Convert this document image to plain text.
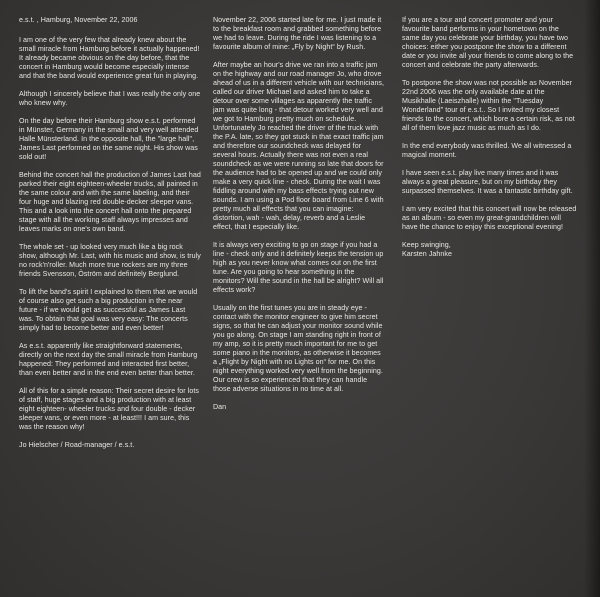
e.s.t. , Hamburg, November 22, 2006

I am one of the very few that already knew about the small miracle from Hamburg before it actually happened! It already became obvious on the day before, that the concert in Hamburg would become especially intense and that the band would experience great fun in playing.

Although I sincerely believe that I was really the only one who knew why.

On the day before their Hamburg show e.s.t. performed in Münster, Germany in the small and very well attended Halle Münsterland. In the opposite hall, the "large hall", James Last performed on the same night. His show was sold out!

Behind the concert hall the production of James Last had parked their eight eighteen-wheeler trucks, all painted in the same colour and with the same labeling, and their four huge and blazing red double-decker sleeper vans. This and a look into the concert hall onto the prepared stage with all the working staff always impresses and leaves marks on one's own band.

The whole set - up looked very much like a big rock show, although Mr. Last, with his music and show, is truly no rock'n'roller. Much more true rockers are my three friends Svensson, Öström and definitely Berglund.

To lift the band's spirit I explained to them that we would of course also get such a big production in the near future - if we would get as successful as James Last was. To obtain that goal was very easy: The concerts simply had to become better and even better!

As e.s.t. apparently like straightforward statements, directly on the next day the small miracle from Hamburg happened: They performed and interacted first better, than even better and in the end even better than better.

All of this for a simple reason: Their secret desire for lots of staff, huge stages and a big production with at least eight eighteen- wheeler trucks and four double - decker sleeper vans, or even more - at least!!! I am sure, this was the reason why!

Jo Hielscher / Road-manager / e.s.t.

November 22, 2006 started late for me. I just made it to the breakfast room and grabbed something before we had to leave. During the ride I was listening to a favourite album of mine: „Fly by Night“ by Rush.

After maybe an hour's drive we ran into a traffic jam on the highway and our road manager Jo, who drove ahead of us in a different vehicle with our technicians, called our driver Michael and asked him to take a detour over some villages as apparently the traffic jam was quite long - that detour worked very well and we got to Hamburg pretty much on schedule. Unfortunately Jo reached the driver of the truck with the P.A. late, so they got stuck in that exact traffic jam and therefore our soundcheck was delayed for several hours. Actually there was not even a real soundcheck as we were running so late that doors for the audience had to be opened up and we could only make a very quick line - check. During the wait I was fiddling around with my bass effects trying out new sounds. I am using a Pod floor board from Line 6 with pretty much all effects that you can imagine: distortion, wah - wah, delay, reverb and a Leslie effect, that I especially like.

It is always very exciting to go on stage if you had a line - check only and it definitely keeps the tension up high as you never know what comes out on the first tune. Are you going to hear something in the monitors? Will the sound in the hall be alright? Will all effects work?

Usually on the first tunes you are in steady eye - contact with the monitor engineer to give him secret signs, so that he can adjust your monitor sound while you go along. On stage I am standing right in front of my amp, so it is pretty much important for me to get some piano in the monitors, as otherwise it becomes a „Flight by Night with no Lights on“ for me. On this night everything worked very well from the beginning. Our crew is so experienced that they can handle those adverse situations in no time at all.

Dan

If you are a tour and concert promoter and your favourite band performs in your hometown on the same day you celebrate your birthday, you have two choices: either you postpone the show to a different date or you invite all your friends to come along to the concert and celebrate the party afterwards.

To postpone the show was not possible as November 22nd 2006 was the only available date at the Musikhalle (Laeiszhalle) within the "Tuesday Wonderland" tour of e.s.t.. So I invited my closest friends to the concert, which bore a certain risk, as not all of them love jazz music as much as I do.

In the end everybody was thrilled. We all witnessed a magical moment.

I have seen e.s.t. play live many times and it was always a great pleasure, but on my birthday they surpassed themselves. It was a fantastic birthday gift.

I am very excited that this concert will now be released as an album - so even my great-grandchildren will have the chance to enjoy this exceptional evening!

Keep swinging,
Karsten Jahnke
